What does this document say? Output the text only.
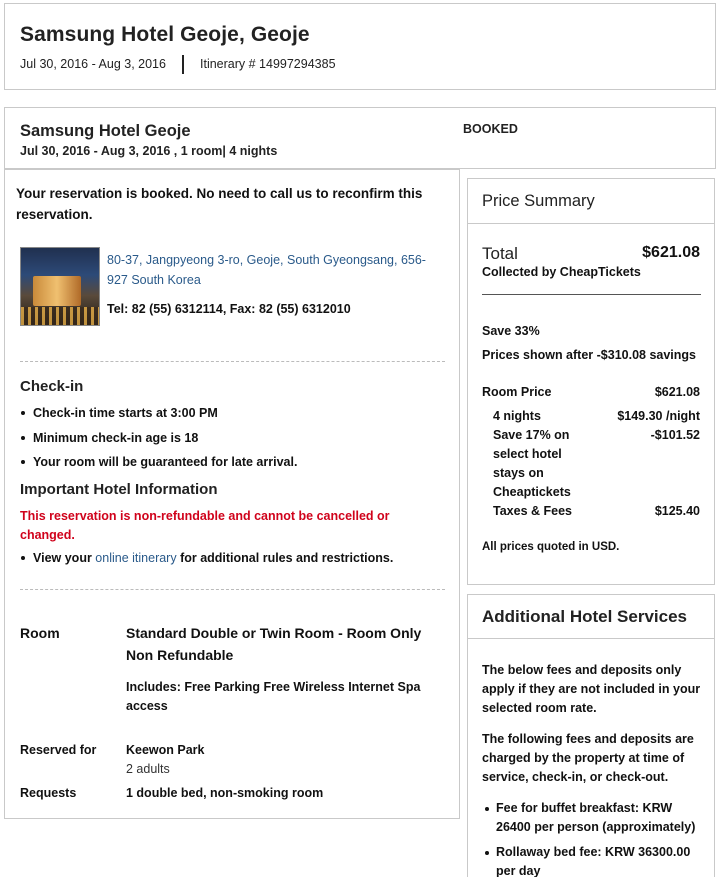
Samsung Hotel Geoje, Geoje
Jul 30, 2016 - Aug 3, 2016	Itinerary # 14997294385
Samsung Hotel Geoje
Jul 30, 2016 - Aug 3, 2016 , 1 room| 4 nights
BOOKED
Your reservation is booked. No need to call us to reconfirm this reservation.
80-37, Jangpyeong 3-ro, Geoje, South Gyeongsang, 656-
927 South Korea
Tel: 82 (55) 6312114, Fax: 82 (55) 6312010
Check-in
Check-in time starts at 3:00 PM
Minimum check-in age is 18
Your room will be guaranteed for late arrival.
Important Hotel Information
This reservation is non-refundable and cannot be cancelled or
changed.
View your online itinerary for additional rules and restrictions.
Room	Standard Double or Twin Room - Room Only
Non Refundable
Includes: Free Parking Free Wireless Internet Spa
access
Reserved for Keewon Park
2 adults
Requests	1 double bed, non-smoking room
Price Summary
Total	$621.08
Collected by CheapTickets
Save 33%
Prices shown after -$310.08 savings
Room Price	$621.08
4 nights	$149.30 /night
Save 17% on
select hotel
stays on
Cheaptickets
-$101.52
Taxes & Fees	$125.40
All prices quoted in USD.
Additional Hotel Services
The below fees and deposits only
apply if they are not included in your
selected room rate.
The following fees and deposits are
charged by the property at time of
service, check-in, or check-out.
Fee for buffet breakfast: KRW
26400 per person (approximately)
Rollaway bed fee: KRW 36300.00
per day
